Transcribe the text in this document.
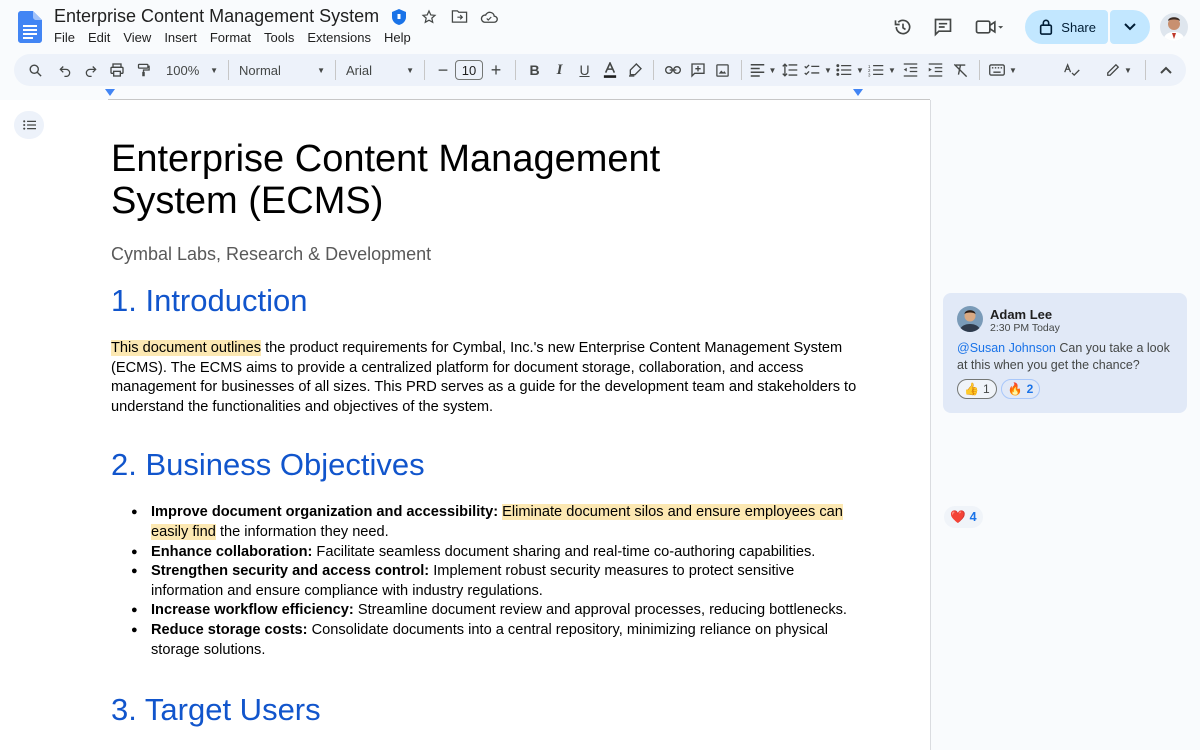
Enterprise Content Management System
File	Edit	View	Insert	Format	Tools	Extensions	Help
Share
100% ▼ Normal	▼ Arial	▼	−	10 +	B	I	U	▼	▼	▼ 1
2
3
▼	▼	▼
Enterprise Content Management System (ECMS)
Cymbal Labs, Research & Development
1. Introduction

This document outlines the product requirements for Cymbal, Inc.'s new Enterprise Content Management System (ECMS). The ECMS aims to provide a centralized platform for document storage, collaboration, and access management for businesses of all sizes. This PRD serves as a guide for the development team and stakeholders to understand the functionalities and objectives of the system.

2. Business Objectives
● Improve document organization and accessibility: Eliminate document silos and ensure employees can easily find the information they need.
● Enhance collaboration: Facilitate seamless document sharing and real-time co-authoring capabilities.
● Strengthen security and access control: Implement robust security measures to protect sensitive information and ensure compliance with industry regulations.
● Increase workflow efficiency: Streamline document review and approval processes, reducing bottlenecks.
● Reduce storage costs: Consolidate documents into a central repository, minimizing reliance on physical storage solutions.
3. Target Users
Adam Lee
2:30 PM Today
@Susan Johnson Can you take a look at this when you get the chance?
👍 1 🔥 2
❤️ 4
